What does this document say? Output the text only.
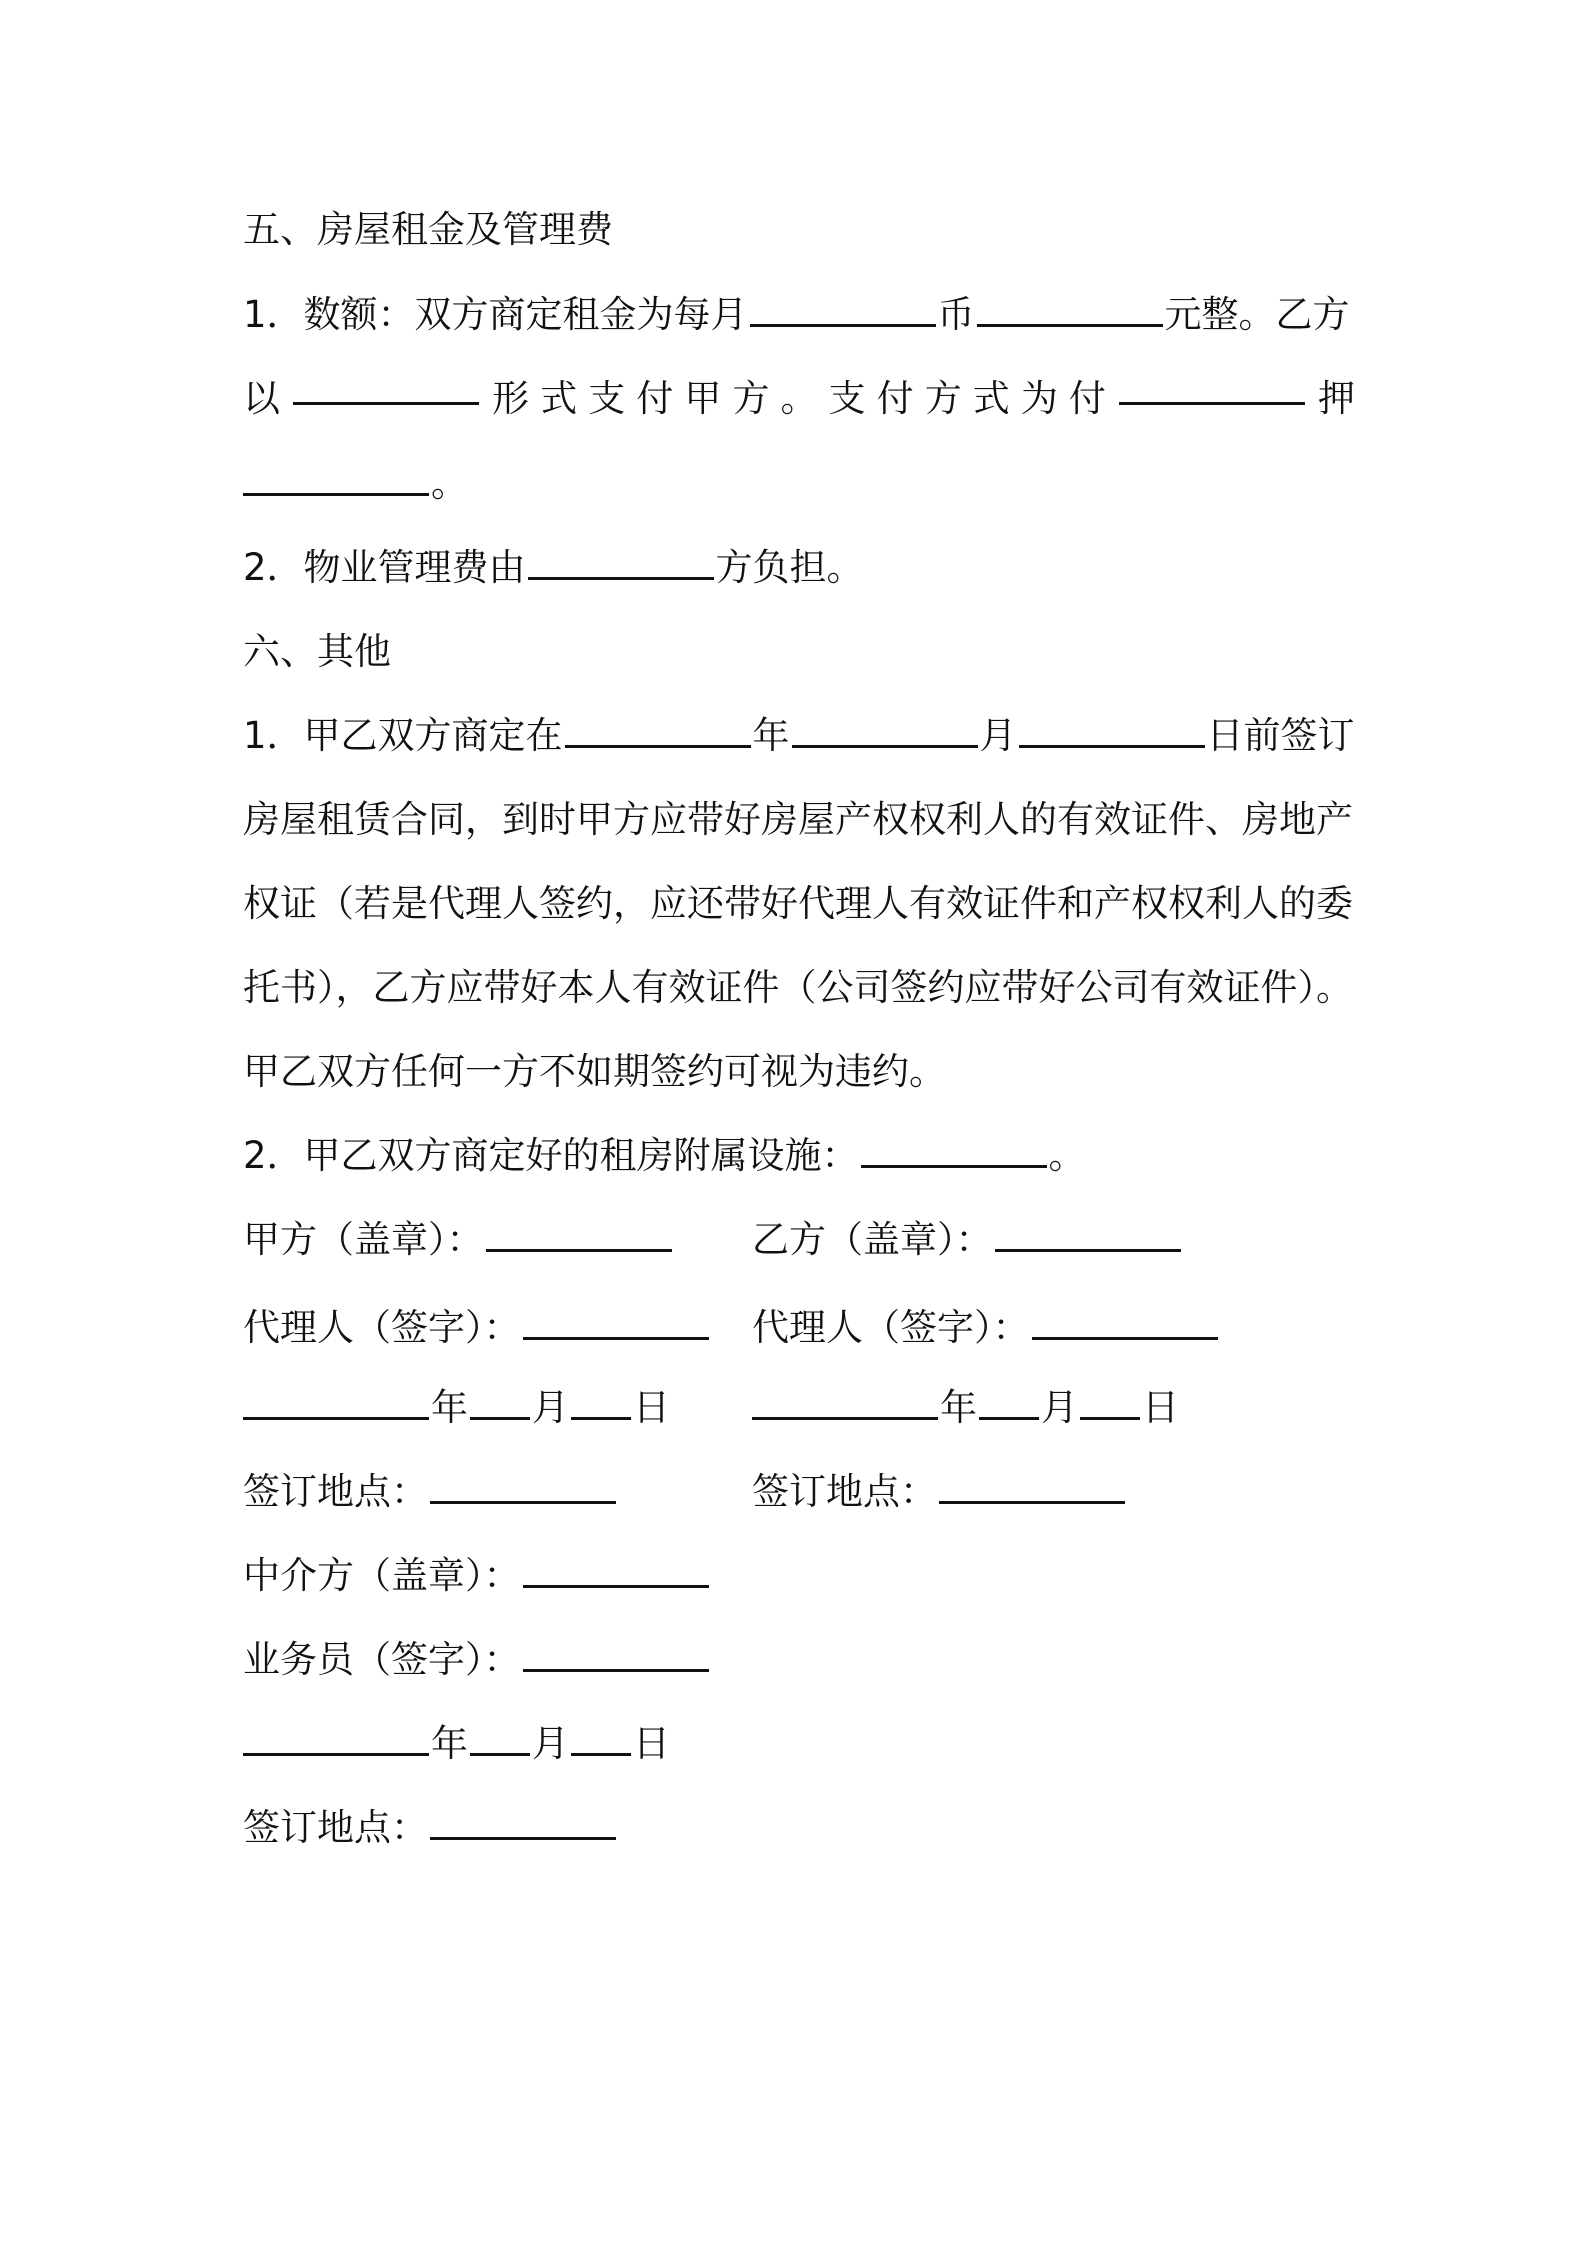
五、房屋租金及管理费
1．数额：双方商定租金为每月	币	元整。乙方
以	形 式 支 付 甲 方 。 支 付 方 式 为 付	押
。
2．物业管理费由	方负担。
六、其他
1．甲乙双方商定在	年	月	日前签订
房屋租赁合同，到时甲方应带好房屋产权权利人的有效证件、房地产
权证（若是代理人签约，应还带好代理人有效证件和产权权利人的委
托书），乙方应带好本人有效证件（公司签约应带好公司有效证件）。
甲乙双方任何一方不如期签约可视为违约。
2．甲乙双方商定好的租房附属设施：	。
甲方（盖章）：	乙方（盖章）：
代理人（签字）：	代理人（签字）：
年 月 日	年 月 日
签订地点：	签订地点：
中介方（盖章）：
业务员（签字）：
年 月 日
签订地点：
